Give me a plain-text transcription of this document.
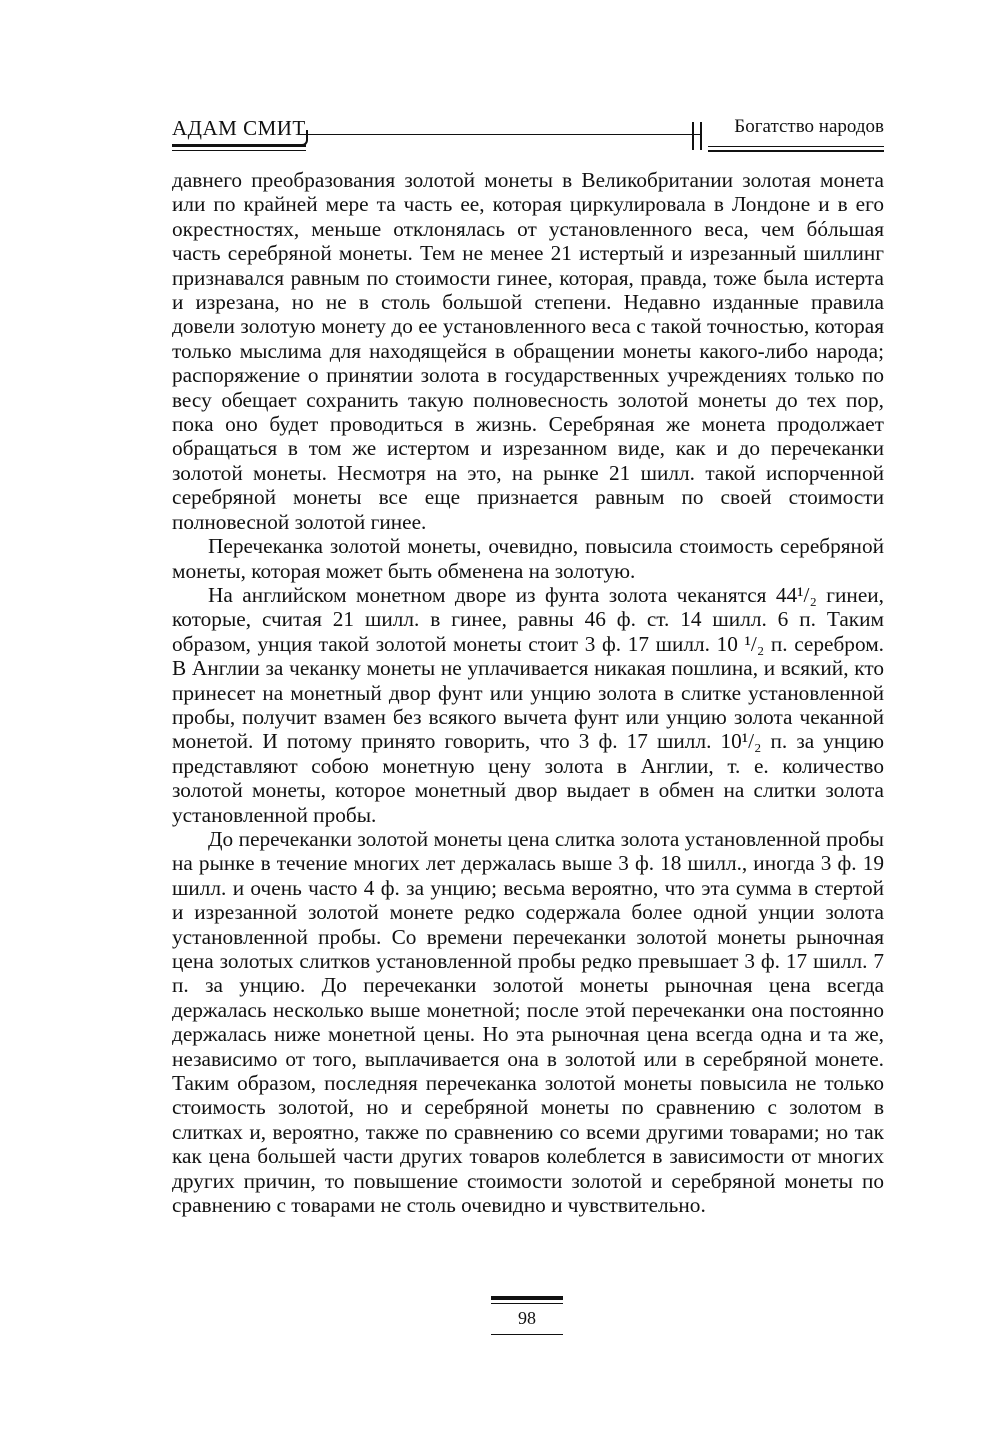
АДАМ СМИТ	Богатство народов

давнего преобразования золотой монеты в Великобритании золотая монета или по крайней мере та часть ее, которая циркулировала в Лондоне и в его окрестностях, меньше отклонялась от установленного веса, чем бóльшая часть серебряной монеты. Тем не менее 21 истертый и изрезанный шиллинг признавался равным по стоимости гинее, которая, правда, тоже была истерта и изрезана, но не в столь большой степени. Недавно изданные правила довели золотую монету до ее установленного веса с такой точностью, которая только мыслима для находящейся в обращении монеты какого-либо народа; распоряжение о принятии золота в государственных учреждениях только по весу обещает сохранить такую полновесность золотой монеты до тех пор, пока оно будет проводиться в жизнь. Серебряная же монета продолжает обращаться в том же истертом и изрезанном виде, как и до перечеканки золотой монеты. Несмотря на это, на рынке 21 шилл. такой испорченной серебряной монеты все еще признается равным по своей стоимости полновесной золотой гинее.

Перечеканка золотой монеты, очевидно, повысила стоимость серебряной монеты, которая может быть обменена на золотую.

На английском монетном дворе из фунта золота чеканятся 44¹/₂ гинеи, которые, считая 21 шилл. в гинее, равны 46 ф. ст. 14 шилл. 6 п. Таким образом, унция такой золотой монеты стоит 3 ф. 17 шилл. 10 ¹/₂ п. серебром. В Англии за чеканку монеты не уплачивается никакая пошлина, и всякий, кто принесет на монетный двор фунт или унцию золота в слитке установленной пробы, получит взамен без всякого вычета фунт или унцию золота чеканной монетой. И потому принято говорить, что 3 ф. 17 шилл. 10¹/₂ п. за унцию представляют собою монетную цену золота в Англии, т. е. количество золотой монеты, которое монетный двор выдает в обмен на слитки золота установленной пробы.

До перечеканки золотой монеты цена слитка золота установленной пробы на рынке в течение многих лет держалась выше 3 ф. 18 шилл., иногда 3 ф. 19 шилл. и очень часто 4 ф. за унцию; весьма вероятно, что эта сумма в стертой и изрезанной золотой монете редко содержала более одной унции золота установленной пробы. Со времени перечеканки золотой монеты рыночная цена золотых слитков установленной пробы редко превышает 3 ф. 17 шилл. 7 п. за унцию. До перечеканки золотой монеты рыночная цена всегда держалась несколько выше монетной; после этой перечеканки она постоянно держалась ниже монетной цены. Но эта рыночная цена всегда одна и та же, независимо от того, выплачивается она в золотой или в серебряной монете. Таким образом, последняя перечеканка золотой монеты повысила не только стоимость золотой, но и серебряной монеты по сравнению с золотом в слитках и, вероятно, также по сравнению со всеми другими товарами; но так как цена большей части других товаров колеблется в зависимости от многих других причин, то повышение стоимости золотой и серебряной монеты по сравнению с товарами не столь очевидно и чувствительно.

98
